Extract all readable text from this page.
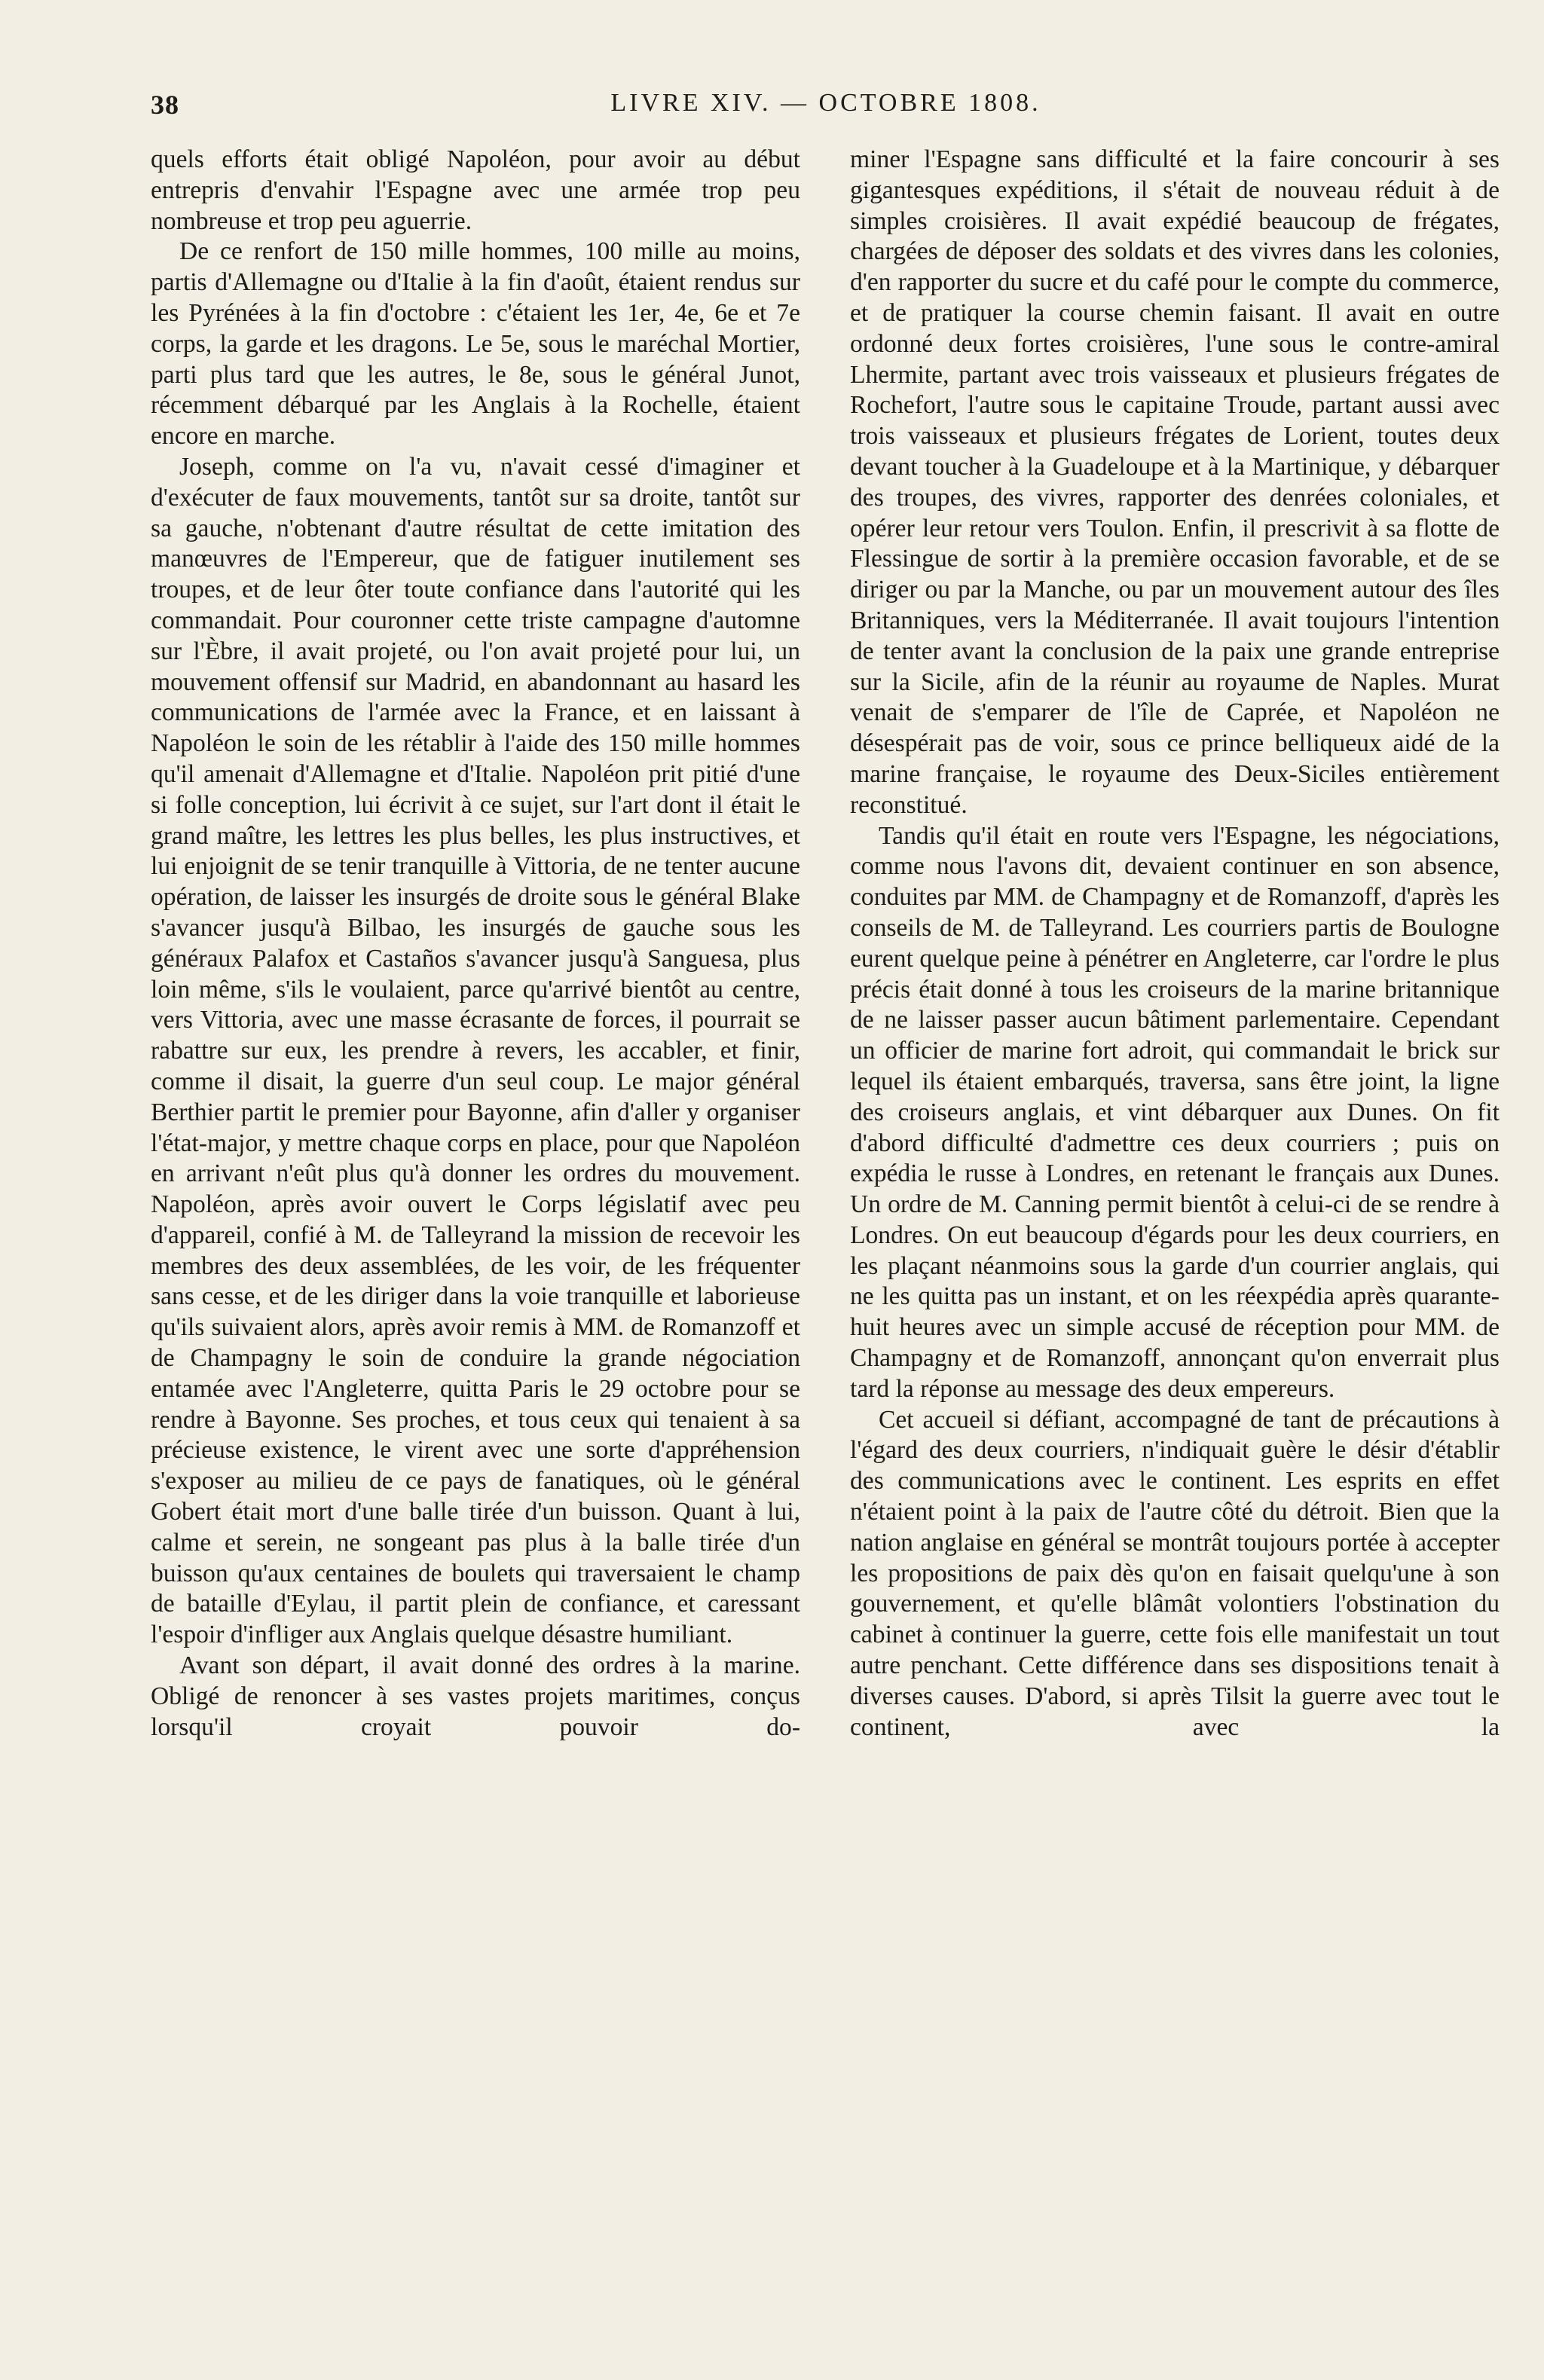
38	LIVRE XIV. — OCTOBRE 1808.

quels efforts était obligé Napoléon, pour avoir au début entrepris d'envahir l'Espagne avec une armée trop peu nombreuse et trop peu aguerrie.

De ce renfort de 150 mille hommes, 100 mille au moins, partis d'Allemagne ou d'Italie à la fin d'août, étaient rendus sur les Pyrénées à la fin d'octobre : c'étaient les 1er, 4e, 6e et 7e corps, la garde et les dragons. Le 5e, sous le maréchal Mortier, parti plus tard que les autres, le 8e, sous le général Junot, récemment débarqué par les Anglais à la Rochelle, étaient encore en marche.

Joseph, comme on l'a vu, n'avait cessé d'imaginer et d'exécuter de faux mouvements, tantôt sur sa droite, tantôt sur sa gauche, n'obtenant d'autre résultat de cette imitation des manœuvres de l'Empereur, que de fatiguer inutilement ses troupes, et de leur ôter toute confiance dans l'autorité qui les commandait. Pour couronner cette triste campagne d'automne sur l'Èbre, il avait projeté, ou l'on avait projeté pour lui, un mouvement offensif sur Madrid, en abandonnant au hasard les communications de l'armée avec la France, et en laissant à Napoléon le soin de les rétablir à l'aide des 150 mille hommes qu'il amenait d'Allemagne et d'Italie. Napoléon prit pitié d'une si folle conception, lui écrivit à ce sujet, sur l'art dont il était le grand maître, les lettres les plus belles, les plus instructives, et lui enjoignit de se tenir tranquille à Vittoria, de ne tenter aucune opération, de laisser les insurgés de droite sous le général Blake s'avancer jusqu'à Bilbao, les insurgés de gauche sous les généraux Palafox et Castaños s'avancer jusqu'à Sanguesa, plus loin même, s'ils le voulaient, parce qu'arrivé bientôt au centre, vers Vittoria, avec une masse écrasante de forces, il pourrait se rabattre sur eux, les prendre à revers, les accabler, et finir, comme il disait, la guerre d'un seul coup. Le major général Berthier partit le premier pour Bayonne, afin d'aller y organiser l'état-major, y mettre chaque corps en place, pour que Napoléon en arrivant n'eût plus qu'à donner les ordres du mouvement. Napoléon, après avoir ouvert le Corps législatif avec peu d'appareil, confié à M. de Talleyrand la mission de recevoir les membres des deux assemblées, de les voir, de les fréquenter sans cesse, et de les diriger dans la voie tranquille et laborieuse qu'ils suivaient alors, après avoir remis à MM. de Romanzoff et de Champagny le soin de conduire la grande négociation entamée avec l'Angleterre, quitta Paris le 29 octobre pour se rendre à Bayonne. Ses proches, et tous ceux qui tenaient à sa précieuse existence, le virent avec une sorte d'appréhension s'exposer au milieu de ce pays de fanatiques, où le général Gobert était mort d'une balle tirée d'un buisson. Quant à lui, calme et serein, ne songeant pas plus à la balle tirée d'un buisson qu'aux centaines de boulets qui traversaient le champ de bataille d'Eylau, il partit plein de confiance, et caressant l'espoir d'infliger aux Anglais quelque désastre humiliant.

Avant son départ, il avait donné des ordres à la marine. Obligé de renoncer à ses vastes projets maritimes, conçus lorsqu'il croyait pouvoir do-

miner l'Espagne sans difficulté et la faire concourir à ses gigantesques expéditions, il s'était de nouveau réduit à de simples croisières. Il avait expédié beaucoup de frégates, chargées de déposer des soldats et des vivres dans les colonies, d'en rapporter du sucre et du café pour le compte du commerce, et de pratiquer la course chemin faisant. Il avait en outre ordonné deux fortes croisières, l'une sous le contre-amiral Lhermite, partant avec trois vaisseaux et plusieurs frégates de Rochefort, l'autre sous le capitaine Troude, partant aussi avec trois vaisseaux et plusieurs frégates de Lorient, toutes deux devant toucher à la Guadeloupe et à la Martinique, y débarquer des troupes, des vivres, rapporter des denrées coloniales, et opérer leur retour vers Toulon. Enfin, il prescrivit à sa flotte de Flessingue de sortir à la première occasion favorable, et de se diriger ou par la Manche, ou par un mouvement autour des îles Britanniques, vers la Méditerranée. Il avait toujours l'intention de tenter avant la conclusion de la paix une grande entreprise sur la Sicile, afin de la réunir au royaume de Naples. Murat venait de s'emparer de l'île de Caprée, et Napoléon ne désespérait pas de voir, sous ce prince belliqueux aidé de la marine française, le royaume des Deux-Siciles entièrement reconstitué.

Tandis qu'il était en route vers l'Espagne, les négociations, comme nous l'avons dit, devaient continuer en son absence, conduites par MM. de Champagny et de Romanzoff, d'après les conseils de M. de Talleyrand. Les courriers partis de Boulogne eurent quelque peine à pénétrer en Angleterre, car l'ordre le plus précis était donné à tous les croiseurs de la marine britannique de ne laisser passer aucun bâtiment parlementaire. Cependant un officier de marine fort adroit, qui commandait le brick sur lequel ils étaient embarqués, traversa, sans être joint, la ligne des croiseurs anglais, et vint débarquer aux Dunes. On fit d'abord difficulté d'admettre ces deux courriers ; puis on expédia le russe à Londres, en retenant le français aux Dunes. Un ordre de M. Canning permit bientôt à celui-ci de se rendre à Londres. On eut beaucoup d'égards pour les deux courriers, en les plaçant néanmoins sous la garde d'un courrier anglais, qui ne les quitta pas un instant, et on les réexpédia après quarante-huit heures avec un simple accusé de réception pour MM. de Champagny et de Romanzoff, annonçant qu'on enverrait plus tard la réponse au message des deux empereurs.

Cet accueil si défiant, accompagné de tant de précautions à l'égard des deux courriers, n'indiquait guère le désir d'établir des communications avec le continent. Les esprits en effet n'étaient point à la paix de l'autre côté du détroit. Bien que la nation anglaise en général se montrât toujours portée à accepter les propositions de paix dès qu'on en faisait quelqu'une à son gouvernement, et qu'elle blâmât volontiers l'obstination du cabinet à continuer la guerre, cette fois elle manifestait un tout autre penchant. Cette différence dans ses dispositions tenait à diverses causes. D'abord, si après Tilsit la guerre avec tout le continent, avec la
